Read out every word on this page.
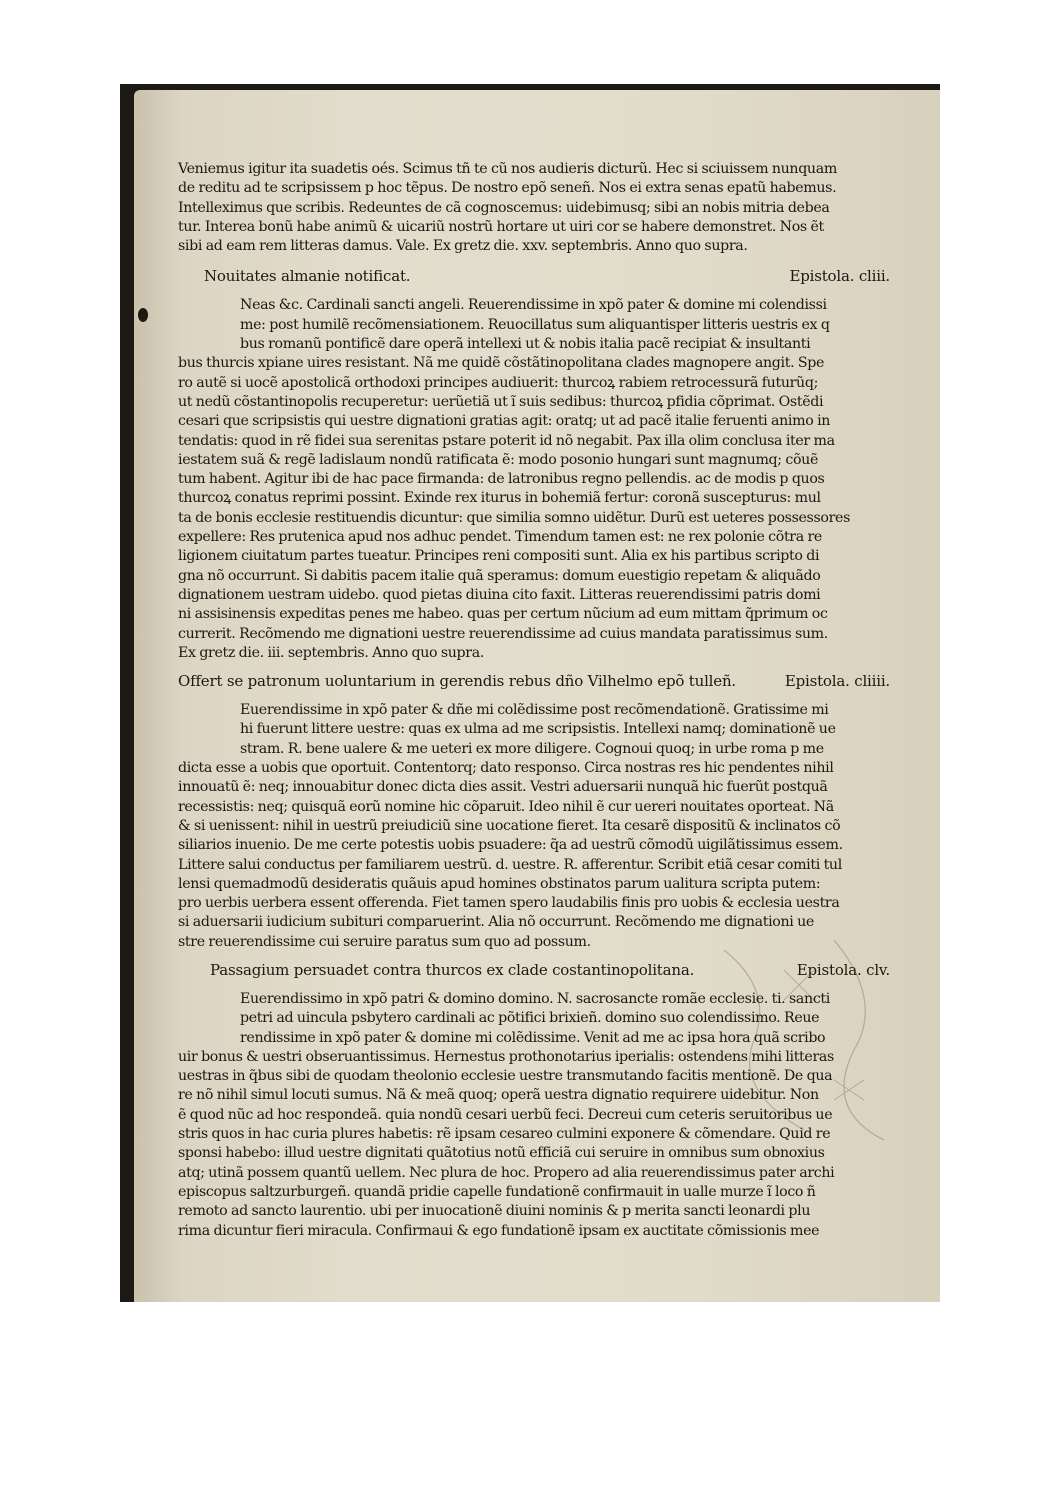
Veniemus igitur ita suadetis oés. Scimus tñ te cũ nos audieris dicturũ. Hec si sciuissem nunquam
de reditu ad te scripsissem p hoc tẽpus. De nostro epõ seneñ. Nos ei extra senas epatũ habemus.
Intelleximus que scribis. Redeuntes de cã cognoscemus: uidebimusq; sibi an nobis mitria debea
tur. Interea bonũ habe animũ & uicariũ nostrũ hortare ut uiri cor se habere demonstret. Nos ẽt
sibi ad eam rem litteras damus. Vale. Ex gretz die. xxv. septembris. Anno quo supra.
Nouitates almanie notificat.	Epistola. cliii.
Neas &c. Cardinali sancti angeli. Reuerendissime in xpõ pater & domine mi colendissi
me: post humilẽ recõmensiationem. Reuocillatus sum aliquantisper litteris uestris ex q
bus romanũ pontificẽ dare operã intellexi ut & nobis italia pacẽ recipiat & insultanti
bus thurcis xpiane uires resistant. Nã me quidẽ cõstãtinopolitana clades magnopere angit. Spe
ro autẽ si uocẽ apostolicã orthodoxi principes audiuerit: thurcoꝝ rabiem retrocessurã futurũq;
ut nedũ cõstantinopolis recuperetur: uerũetiã ut ĩ suis sedibus: thurcoꝝ pfidia cõprimat. Ostẽdi
cesari que scripsistis qui uestre dignationi gratias agit: oratq; ut ad pacẽ italie feruenti animo in
tendatis: quod in rẽ fidei sua serenitas pstare poterit id nõ negabit. Pax illa olim conclusa iter ma
iestatem suã & regẽ ladislaum nondũ ratificata ẽ: modo posonio hungari sunt magnumq; cõuẽ
tum habent. Agitur ibi de hac pace firmanda: de latronibus regno pellendis. ac de modis p quos
thurcoꝝ conatus reprimi possint. Exinde rex iturus in bohemiã fertur: coronã suscepturus: mul
ta de bonis ecclesie restituendis dicuntur: que similia somno uidẽtur. Durũ est ueteres possessores
expellere: Res prutenica apud nos adhuc pendet. Timendum tamen est: ne rex polonie cõtra re
ligionem ciuitatum partes tueatur. Principes reni compositi sunt. Alia ex his partibus scripto di
gna nõ occurrunt. Si dabitis pacem italie quã speramus: domum euestigio repetam & aliquãdo
dignationem uestram uidebo. quod pietas diuina cito faxit. Litteras reuerendissimi patris domi
ni assisinensis expeditas penes me habeo. quas per certum nũcium ad eum mittam q̃primum oc
currerit. Recõmendo me dignationi uestre reuerendissime ad cuius mandata paratissimus sum.
Ex gretz die. iii. septembris. Anno quo supra.
Offert se patronum uoluntarium in gerendis rebus dño Vilhelmo epõ tulleñ.	Epistola. cliiii.
Euerendissime in xpõ pater & dñe mi colẽdissime post recõmendationẽ. Gratissime mi
hi fuerunt littere uestre: quas ex ulma ad me scripsistis. Intellexi namq; dominationẽ ue
stram. R. bene ualere & me ueteri ex more diligere. Cognoui quoq; in urbe roma p me
dicta esse a uobis que oportuit. Contentorq; dato responso. Circa nostras res hic pendentes nihil
innouatũ ẽ: neq; innouabitur donec dicta dies assit. Vestri aduersarii nunquã hic fuerũt postquã
recessistis: neq; quisquã eorũ nomine hic cõparuit. Ideo nihil ẽ cur uereri nouitates oporteat. Nã
& si uenissent: nihil in uestrũ preiudiciũ sine uocatione fieret. Ita cesarẽ dispositũ & inclinatos cõ
siliarios inuenio. De me certe potestis uobis psuadere: q̃a ad uestrũ cõmodũ uigilãtissimus essem.
Littere salui conductus per familiarem uestrũ. d. uestre. R. afferentur. Scribit etiã cesar comiti tul
lensi quemadmodũ desideratis quãuis apud homines obstinatos parum ualitura scripta putem:
pro uerbis uerbera essent offerenda. Fiet tamen spero laudabilis finis pro uobis & ecclesia uestra
si aduersarii iudicium subituri comparuerint. Alia nõ occurrunt. Recõmendo me dignationi ue
stre reuerendissime cui seruire paratus sum quo ad possum.
Passagium persuadet contra thurcos ex clade costantinopolitana.	Epistola. clv.
Euerendissimo in xpõ patri & domino domino. N. sacrosancte romãe ecclesie. ti. sancti
petri ad uincula psbytero cardinali ac põtifici brixieñ. domino suo colendissimo. Reue
rendissime in xpõ pater & domine mi colẽdissime. Venit ad me ac ipsa hora quã scribo
uir bonus & uestri obseruantissimus. Hernestus prothonotarius iperialis: ostendens mihi litteras
uestras in q̃bus sibi de quodam theolonio ecclesie uestre transmutando facitis mentionẽ. De qua
re nõ nihil simul locuti sumus. Nã & meã quoq; operã uestra dignatio requirere uidebitur. Non
ẽ quod nũc ad hoc respondeã. quia nondũ cesari uerbũ feci. Decreui cum ceteris seruitoribus ue
stris quos in hac curia plures habetis: rẽ ipsam cesareo culmini exponere & cõmendare. Quid re
sponsi habebo: illud uestre dignitati quãtotius notũ efficiã cui seruire in omnibus sum obnoxius
atq; utinã possem quantũ uellem. Nec plura de hoc. Propero ad alia reuerendissimus pater archi
episcopus saltzurburgeñ. quandã pridie capelle fundationẽ confirmauit in ualle murze ĩ loco ñ
remoto ad sancto laurentio. ubi per inuocationẽ diuini nominis & p merita sancti leonardi plu
rima dicuntur fieri miracula. Confirmaui & ego fundationẽ ipsam ex auctitate cõmissionis mee
